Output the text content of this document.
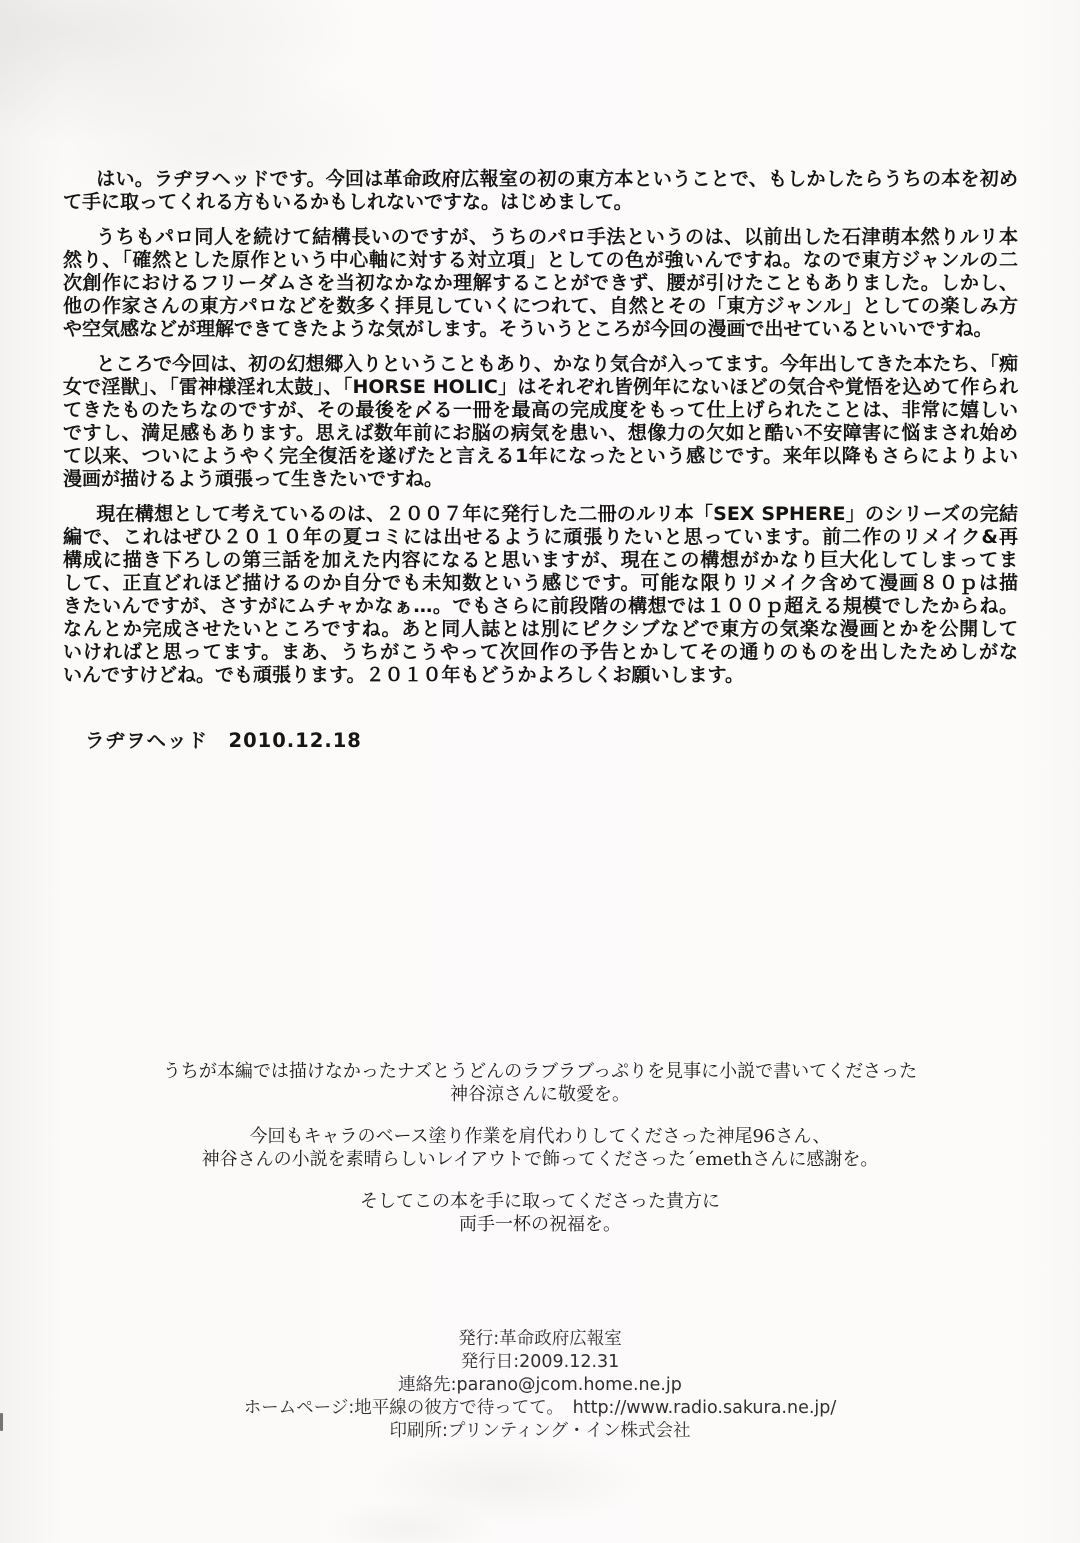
はい。ラヂヲヘッドです。今回は革命政府広報室の初の東方本ということで、もしかしたらうちの本を初め
て手に取ってくれる方もいるかもしれないですな。はじめまして。
うちもパロ同人を続けて結構長いのですが、うちのパロ手法というのは、以前出した石津萌本然りルリ本
然り、「確然とした原作という中心軸に対する対立項」としての色が強いんですね。なので東方ジャンルの二
次創作におけるフリーダムさを当初なかなか理解することができず、腰が引けたこともありました。しかし、
他の作家さんの東方パロなどを数多く拝見していくにつれて、自然とその「東方ジャンル」としての楽しみ方
や空気感などが理解できてきたような気がします。そういうところが今回の漫画で出せているといいですね。
ところで今回は、初の幻想郷入りということもあり、かなり気合が入ってます。今年出してきた本たち、「痴
女で淫獣」、「雷神様淫れ太鼓」、「HORSE HOLIC」はそれぞれ皆例年にないほどの気合や覚悟を込めて作られ
てきたものたちなのですが、その最後を〆る一冊を最高の完成度をもって仕上げられたことは、非常に嬉しい
ですし、満足感もあります。思えば数年前にお脳の病気を患い、想像力の欠如と酷い不安障害に悩まされ始め
て以来、ついにようやく完全復活を遂げたと言える1年になったという感じです。来年以降もさらによりよい
漫画が描けるよう頑張って生きたいですね。
現在構想として考えているのは、２００７年に発行した二冊のルリ本「SEX SPHERE」のシリーズの完結
編で、これはぜひ２０１０年の夏コミには出せるように頑張りたいと思っています。前二作のリメイク&再
構成に描き下ろしの第三話を加えた内容になると思いますが、現在この構想がかなり巨大化してしまってま
して、正直どれほど描けるのか自分でも未知数という感じです。可能な限りリメイク含めて漫画８０ｐは描
きたいんですが、さすがにムチャかなぁ…。でもさらに前段階の構想では１００ｐ超える規模でしたからね。
なんとか完成させたいところですね。あと同人誌とは別にピクシブなどで東方の気楽な漫画とかを公開して
いければと思ってます。まあ、うちがこうやって次回作の予告とかしてその通りのものを出したためしがな
いんですけどね。でも頑張ります。２０１０年もどうかよろしくお願いします。
ラヂヲヘッド　2010.12.18
うちが本編では描けなかったナズとうどんのラブラブっぷりを見事に小説で書いてくださった
神谷涼さんに敬愛を。
今回もキャラのベース塗り作業を肩代わりしてくださった神尾96さん、
神谷さんの小説を素晴らしいレイアウトで飾ってくださった´emethさんに感謝を。
そしてこの本を手に取ってくださった貴方に
両手一杯の祝福を。
発行:革命政府広報室
発行日:2009.12.31
連絡先:parano@jcom.home.ne.jp
ホームページ:地平線の彼方で待ってて。　http://www.radio.sakura.ne.jp/
印刷所:プリンティング・イン株式会社
